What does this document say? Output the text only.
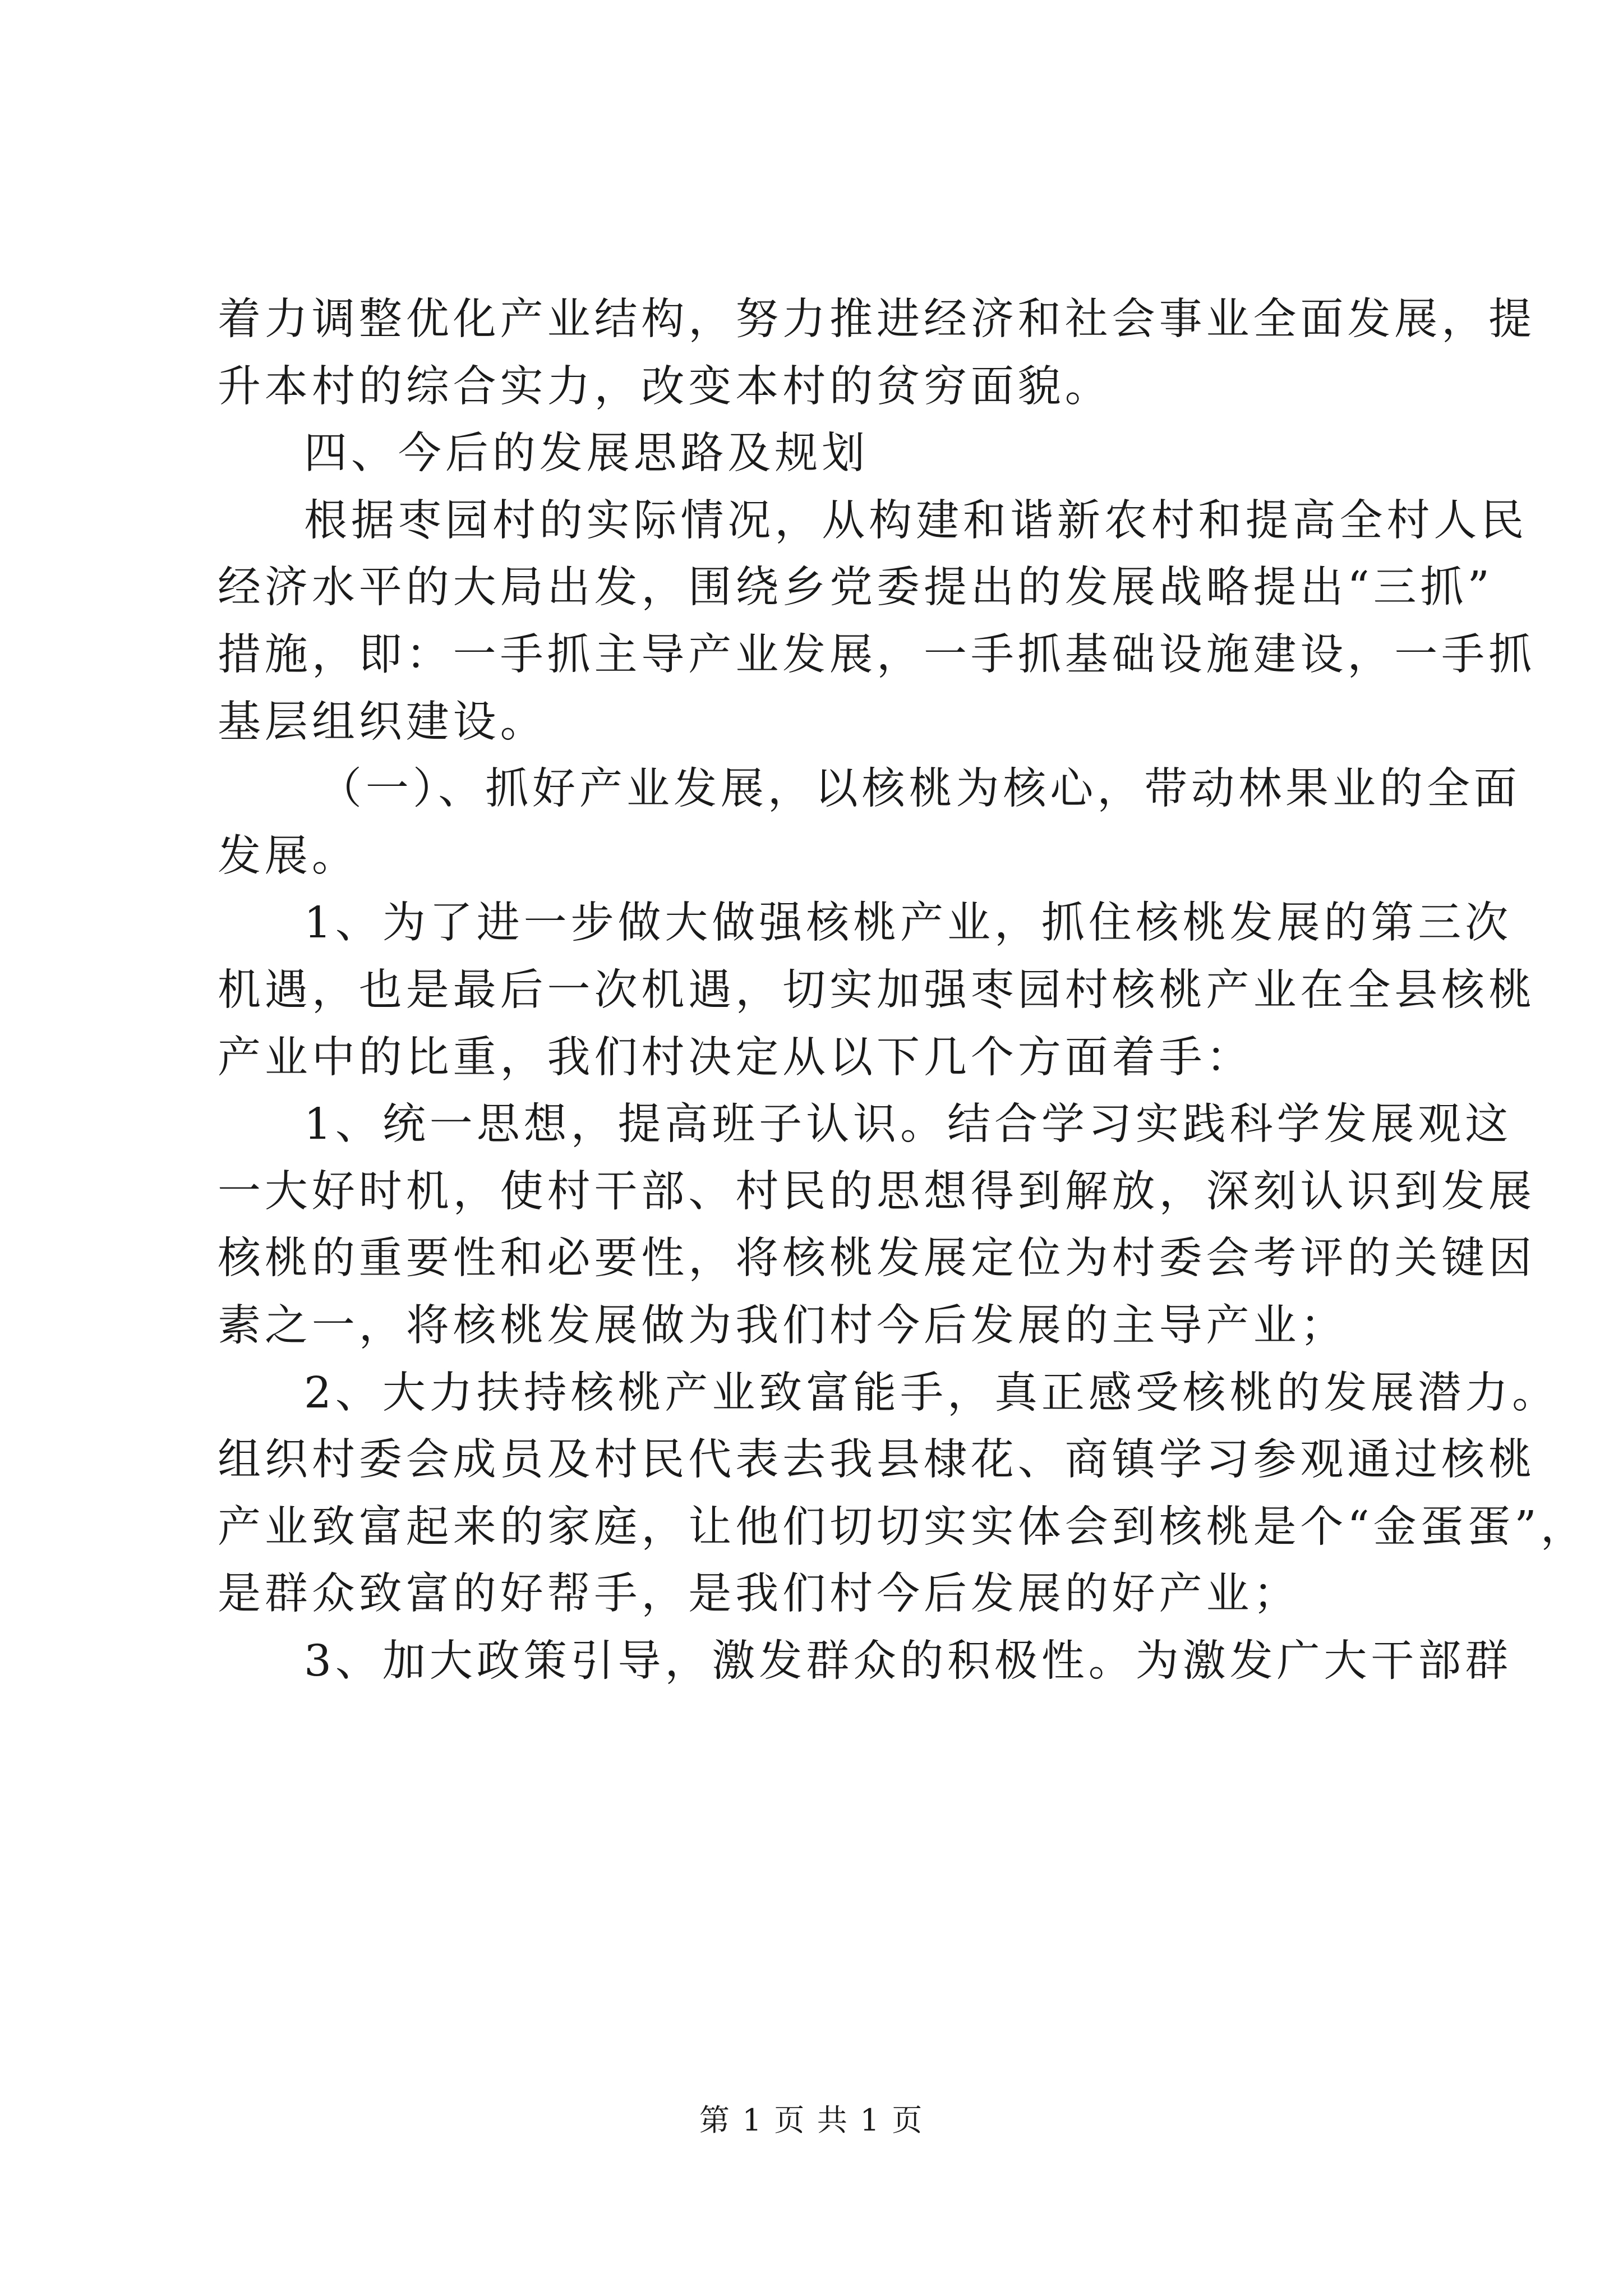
着力调整优化产业结构，努力推进经济和社会事业全面发展，提
升本村的综合实力，改变本村的贫穷面貌。
四、今后的发展思路及规划
根据枣园村的实际情况，从构建和谐新农村和提高全村人民
经济水平的大局出发，围绕乡党委提出的发展战略提出“三抓”
措施，即：一手抓主导产业发展，一手抓基础设施建设，一手抓
基层组织建设。
（一）、抓好产业发展，以核桃为核心，带动林果业的全面
发展。
1、为了进一步做大做强核桃产业，抓住核桃发展的第三次
机遇，也是最后一次机遇，切实加强枣园村核桃产业在全县核桃
产业中的比重，我们村决定从以下几个方面着手：
1、统一思想，提高班子认识。结合学习实践科学发展观这
一大好时机，使村干部、村民的思想得到解放，深刻认识到发展
核桃的重要性和必要性，将核桃发展定位为村委会考评的关键因
素之一，将核桃发展做为我们村今后发展的主导产业；
2、大力扶持核桃产业致富能手，真正感受核桃的发展潜力。
组织村委会成员及村民代表去我县棣花、商镇学习参观通过核桃
产业致富起来的家庭，让他们切切实实体会到核桃是个“金蛋蛋”，
是群众致富的好帮手，是我们村今后发展的好产业；
3、加大政策引导，激发群众的积极性。为激发广大干部群
第 1 页 共 1 页
